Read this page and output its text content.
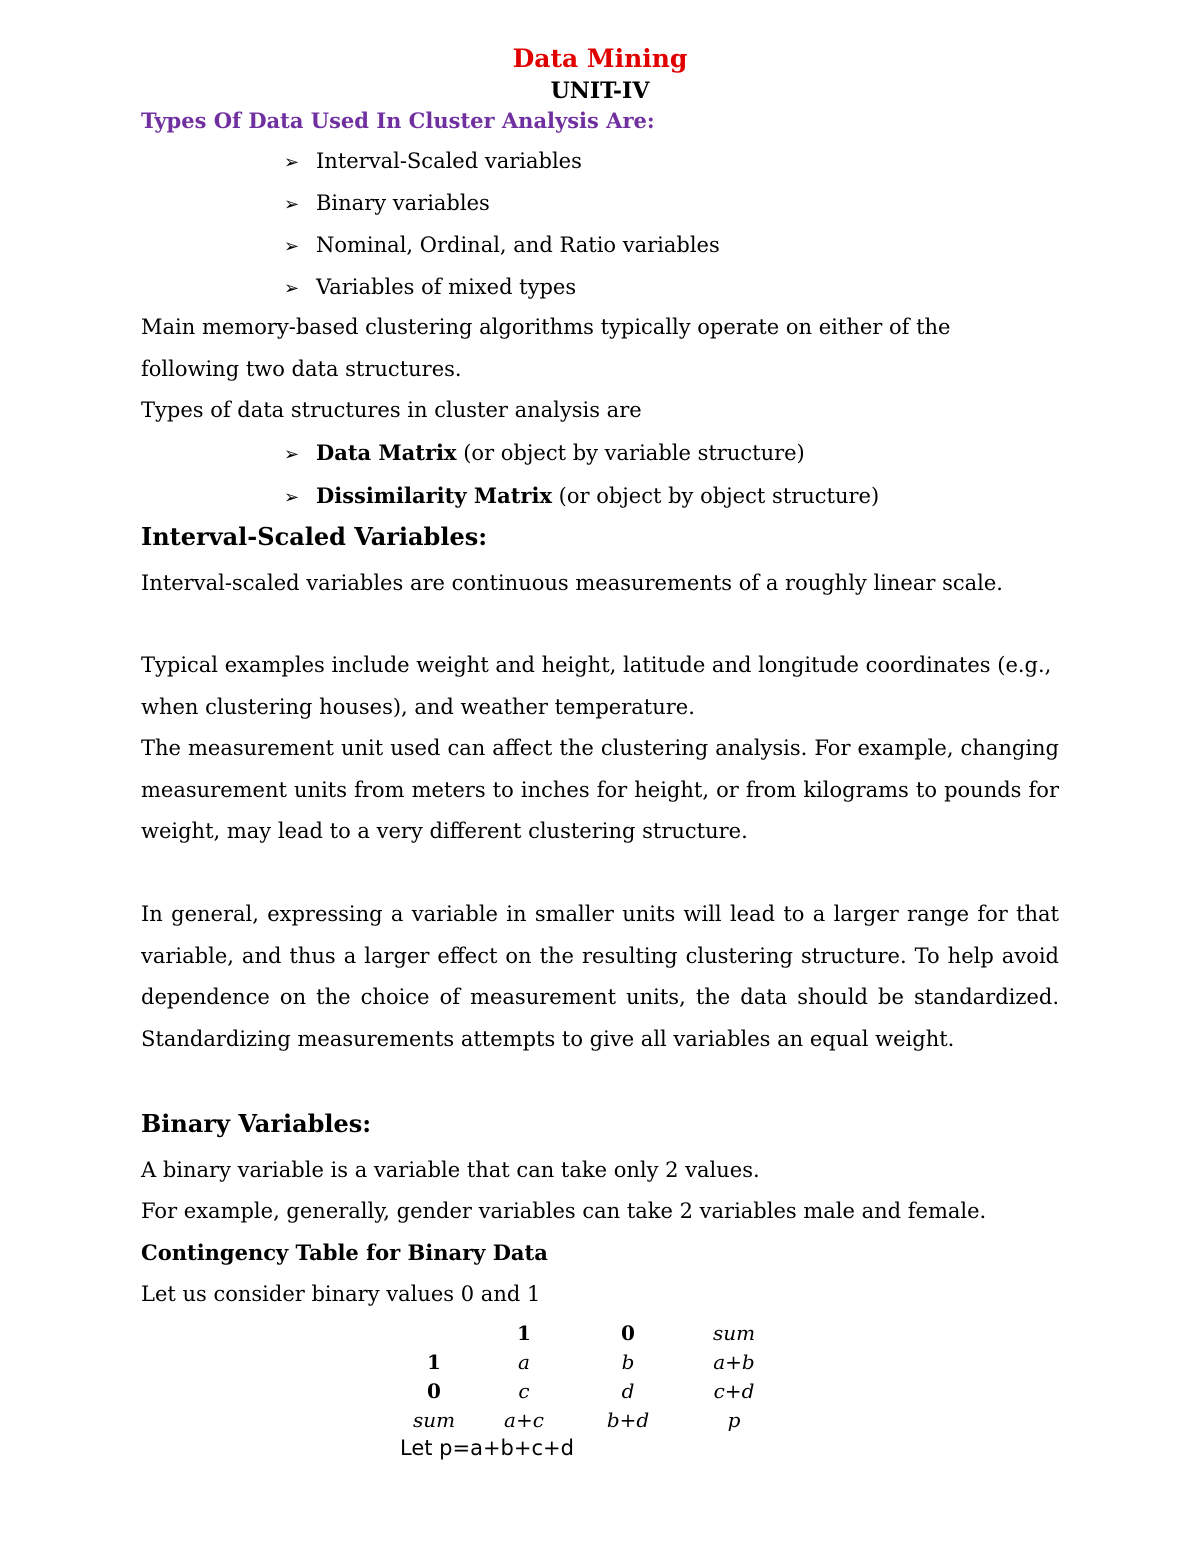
Data Mining
UNIT-IV
Types Of Data Used In Cluster Analysis Are:
➢ Interval-Scaled variables
➢ Binary variables
➢ Nominal, Ordinal, and Ratio variables
➢ Variables of mixed types

Main memory-based clustering algorithms typically operate on either of the following two data structures.

Types of data structures in cluster analysis are

➢ Data Matrix (or object by variable structure)
➢ Dissimilarity Matrix (or object by object structure)
Interval-Scaled Variables:

Interval-scaled variables are continuous measurements of a roughly linear scale.

Typical examples include weight and height, latitude and longitude coordinates (e.g., when clustering houses), and weather temperature.

The measurement unit used can affect the clustering analysis. For example, changing measurement units from meters to inches for height, or from kilograms to pounds for weight, may lead to a very different clustering structure.

In general, expressing a variable in smaller units will lead to a larger range for that variable, and thus a larger effect on the resulting clustering structure. To help avoid dependence on the choice of measurement units, the data should be standardized. Standardizing measurements attempts to give all variables an equal weight.

Binary Variables:

A binary variable is a variable that can take only 2 values.

For example, generally, gender variables can take 2 variables male and female.

Contingency Table for Binary Data

Let us consider binary values 0 and 1

	1	0	sum
1	a	b	a+b
0	c	d	c+d
sum	a+c	b+d	p
Let p=a+b+c+d
